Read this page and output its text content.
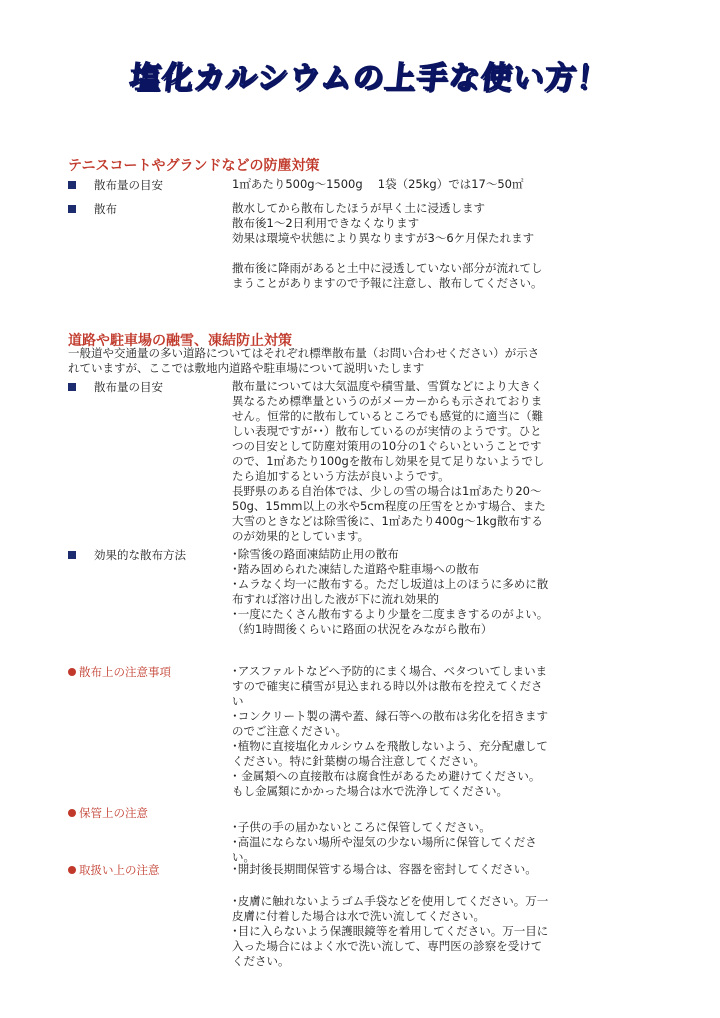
塩化カルシウムの上手な使い方！
テニスコートやグランドなどの防塵対策
散布量の目安	1㎡あたり500g〜1500g　 1袋（25kg）では17〜50㎡

散布	散水してから散布したほうが早く土に浸透します

散布後1〜2日利用できなくなります

効果は環境や状態により異なりますが3〜6ケ月保たれます

撒布後に降雨があると土中に浸透していない部分が流れてしまうことがありますので予報に注意し、散布してください。

道路や駐車場の融雪、凍結防止対策

一般道や交通量の多い道路についてはそれぞれ標準散布量（お問い合わせください）が示されていますが、ここでは敷地内道路や駐車場について説明いたします

散布量の目安	散布量については大気温度や積雪量、雪質などにより大きく異なるため標準量というのがメーカーからも示されておりません。恒常的に散布しているところでも感覚的に適当に（難しい表現ですが･･）散布しているのが実情のようです。ひとつの目安として防塵対策用の10分の1ぐらいということですので、1㎡あたり100gを散布し効果を見て足りないようでしたら追加するという方法が良いようです。

長野県のある自治体では、少しの雪の場合は1㎡あたり20〜50g、15mm以上の氷や5cm程度の圧雪をとかす場合、また大雪のときなどは除雪後に、1㎡あたり400g〜1kg散布するのが効果的としています。

効果的な散布方法	･除雪後の路面凍結防止用の散布

･踏み固められた凍結した道路や駐車場への散布

･ムラなく均一に散布する。ただし坂道は上のほうに多めに散布すれば溶け出した液が下に流れ効果的

･一度にたくさん散布するより少量を二度まきするのがよい。（約1時間後くらいに路面の状況をみながら散布）

散布上の注意事項	･アスファルトなどへ予防的にまく場合、ベタついてしまいますので確実に積雪が見込まれる時以外は散布を控えてください

･コンクリート製の溝や蓋、縁石等への散布は劣化を招きますのでご注意ください。

･植物に直接塩化カルシウムを飛散しないよう、充分配慮してください。特に針葉樹の場合注意してください。

･ 金属類への直接散布は腐食性があるため避けてください。もし金属類にかかった場合は水で洗浄してください。

保管上の注意

･子供の手の届かないところに保管してください。

･高温にならない場所や湿気の少ない場所に保管してください。

取扱い上の注意	･開封後長期間保管する場合は、容器を密封してください。

･皮膚に触れないようゴム手袋などを使用してください。万一皮膚に付着した場合は水で洗い流してください。

･目に入らないよう保護眼鏡等を着用してください。万一目に入った場合にはよく水で洗い流して、専門医の診察を受けてください。
